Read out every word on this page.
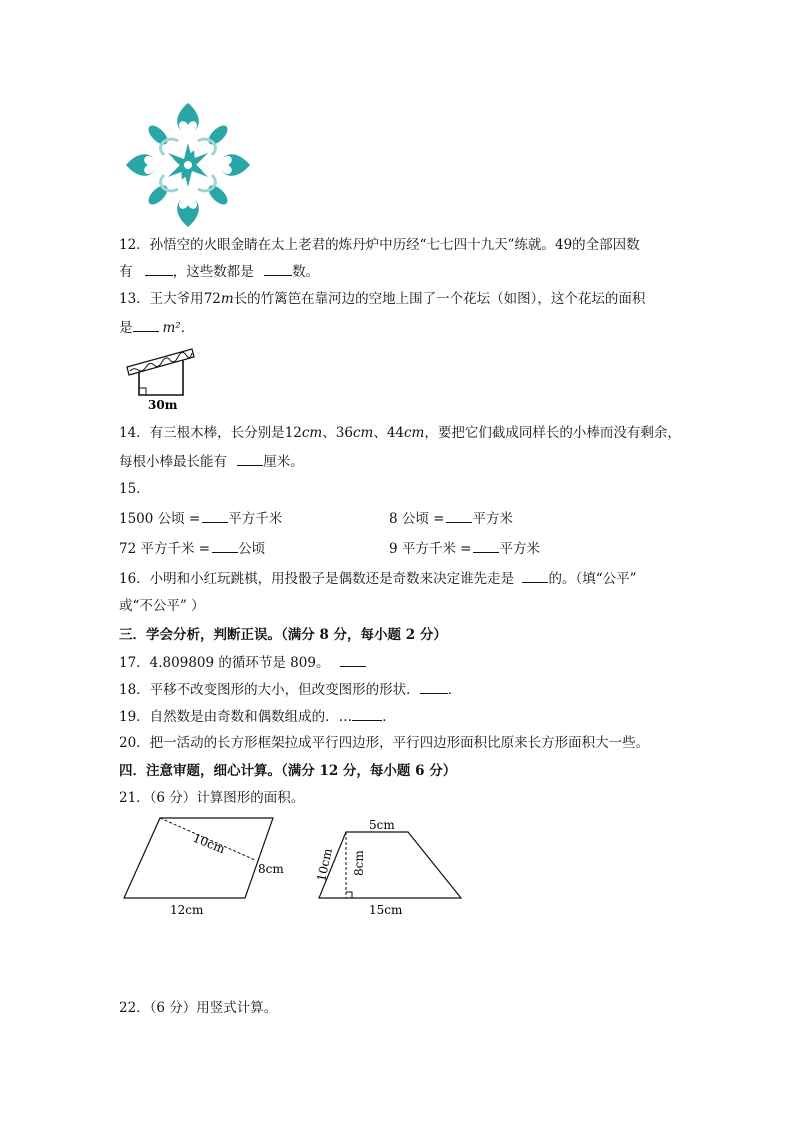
12．孙悟空的火眼金睛在太上老君的炼丹炉中历经“七七四十九天”练就。49的全部因数
有	，这些数都是	数。
13．王大爷用72m长的竹篱笆在靠河边的空地上围了一个花坛（如图），这个花坛的面积
是 m²．
30m
14．有三根木棒，长分别是12cm、36cm、44cm，要把它们截成同样长的小棒而没有剩余，
每根小棒最长能有	厘米。
15．
1500 公顷 = 平方千米	8 公顷 = 平方米
72 平方千米 = 公顷	9 平方千米 = 平方米
16．小明和小红玩跳棋，用投骰子是偶数还是奇数来决定谁先走是	的。（填“公平”
或“不公平” ）
三．学会分析，判断正误。（满分 8 分，每小题 2 分）
17．4.809809 的循环节是 809。
18．平移不改变图形的大小，但改变图形的形状． ．
19．自然数是由奇数和偶数组成的．… ．
20．把一活动的长方形框架拉成平行四边形，平行四边形面积比原来长方形面积大一些。
四．注意审题，细心计算。（满分 12 分，每小题 6 分）
21．（6 分）计算图形的面积。
10cm
8cm
12cm
5cm
10cm 8cm
15cm
22．（6 分）用竖式计算。
